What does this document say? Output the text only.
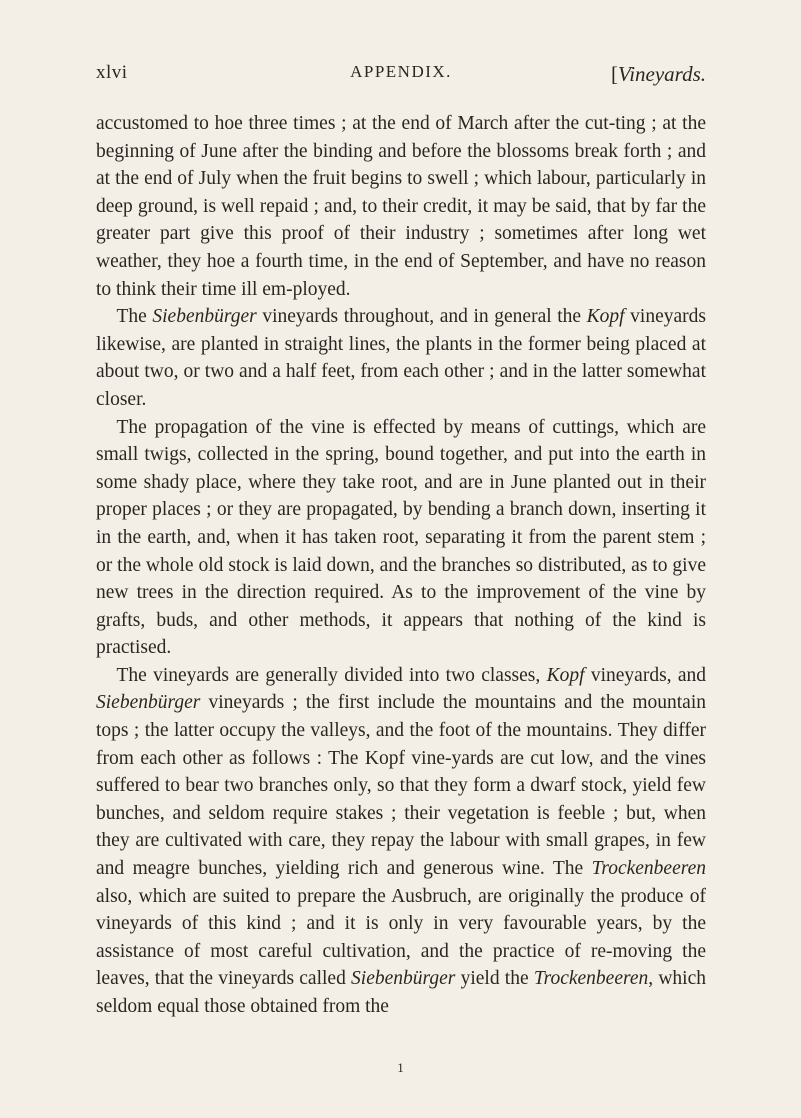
xlvi	APPENDIX.	[Vineyards.

accustomed to hoe three times ; at the end of March after the cut-ting ; at the beginning of June after the binding and before the blossoms break forth ; and at the end of July when the fruit begins to swell ; which labour, particularly in deep ground, is well repaid ; and, to their credit, it may be said, that by far the greater part give this proof of their industry ; sometimes after long wet weather, they hoe a fourth time, in the end of September, and have no reason to think their time ill em-ployed.

The Siebenbürger vineyards throughout, and in general the Kopf vineyards likewise, are planted in straight lines, the plants in the former being placed at about two, or two and a half feet, from each other ; and in the latter somewhat closer.

The propagation of the vine is effected by means of cuttings, which are small twigs, collected in the spring, bound together, and put into the earth in some shady place, where they take root, and are in June planted out in their proper places ; or they are propagated, by bending a branch down, inserting it in the earth, and, when it has taken root, separating it from the parent stem ; or the whole old stock is laid down, and the branches so distributed, as to give new trees in the direction required. As to the improvement of the vine by grafts, buds, and other methods, it appears that nothing of the kind is practised.

The vineyards are generally divided into two classes, Kopf vineyards, and Siebenbürger vineyards ; the first include the mountains and the mountain tops ; the latter occupy the valleys, and the foot of the mountains. They differ from each other as follows : The Kopf vine-yards are cut low, and the vines suffered to bear two branches only, so that they form a dwarf stock, yield few bunches, and seldom require stakes ; their vegetation is feeble ; but, when they are cultivated with care, they repay the labour with small grapes, in few and meagre bunches, yielding rich and generous wine. The Trockenbeeren also, which are suited to prepare the Ausbruch, are originally the produce of vineyards of this kind ; and it is only in very favourable years, by the assistance of most careful cultivation, and the practice of re-moving the leaves, that the vineyards called Siebenbürger yield the Trockenbeeren, which seldom equal those obtained from the

1
